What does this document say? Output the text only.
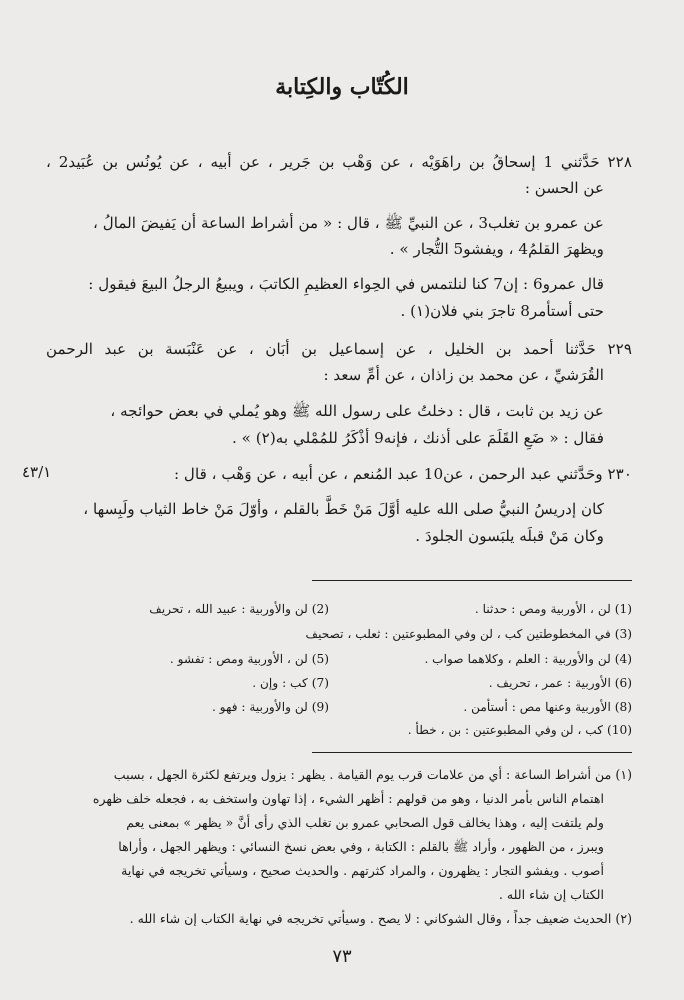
الكُتّاب والكِتابة
٤٣/١
٢٢٨ حَدَّثني 1 إسحاقُ بن راهَوَيْه ، عن وَهْب بن جَرير ، عن أبيه ، عن يُونُس بن عُبَيد2 ،
عن الحسن :
عن عمرو بن تغلب3 ، عن النبيِّ ﷺ ، قال : « من أشراط الساعة أن يَفيضَ المالُ ،
ويظهرَ القلمُ4 ، ويفشو5 التُّجار » .
قال عمرو6 : إن7 كنا لنلتمس في الحِواء العظيمِ الكاتبَ ، ويبيعُ الرجلُ البيعَ فيقول :
حتى أستأمر8 تاجرَ بني فلان(١) .
٢٢٩ حَدَّثنا أحمد بن الخليل ، عن إسماعيل بن أبَان ، عن عَنْبَسة بن عبد الرحمن
القُرَشيِّ ، عن محمد بن زاذان ، عن أمِّ سعد :
عن زيد بن ثابت ، قال : دخلتُ على رسول الله ﷺ وهو يُملي في بعض حوائجه ،
فقال : « ضَعِ القَلَمَ على أذنك ، فإنه9 أذْكَرُ للمُمْلي به(٢) » .
٢٣٠ وحَدَّثني عبد الرحمن ، عن10 عبد المُنعم ، عن أبيه ، عن وَهْب ، قال :
كان إدريسُ النبيُّ صلى الله عليه أوَّلَ مَنْ خَطَّ بالقلم ، وأوّلَ مَنْ خاط الثياب ولَبِسها ،
وكان مَنْ قبلَه يلبَسون الجلودَ .
(1) لن ، الأوربية ومص : حدثنا .
(2) لن والأوربية : عبيد الله ، تحريف
(3) في المخطوطتين كب ، لن وفي المطبوعتين : ثعلب ، تصحيف
(4) لن والأوربية : العلم ، وكلاهما صواب .
(5) لن ، الأوربية ومص : تفشو .
(6) الأوربية : عمر ، تحريف .
(7) كب : وإن .
(8) الأوربية وعنها مص : أستأمن .
(9) لن والأوربية : فهو .
(10) كب ، لن وفي المطبوعتين : بن ، خطأ .
(١) من أشراط الساعة : أي من علامات قرب يوم القيامة . يظهر : يزول ويرتفع لكثرة الجهل ، بسبب
اهتمام الناس بأمر الدنيا ، وهو من قولهم : أظهر الشيء ، إذا تهاون واستخف به ، فجعله خلف ظهره
ولم يلتفت إليه ، وهذا يخالف قول الصحابي عمرو بن تغلب الذي رأى أنَّ « يظهر » بمعنى يعم
ويبرز ، من الظهور ، وأراد ﷺ بالقلم : الكتابة ، وفي بعض نسخ النسائي : ويظهر الجهل ، وأراها
أصوب . ويفشو التجار : يظهرون ، والمراد كثرتهم . والحديث صحيح ، وسيأتي تخريجه في نهاية
الكتاب إن شاء الله .
(٢) الحديث ضعيف جداً ، وقال الشوكاني : لا يصح . وسيأتي تخريجه في نهاية الكتاب إن شاء الله .
٧٣
